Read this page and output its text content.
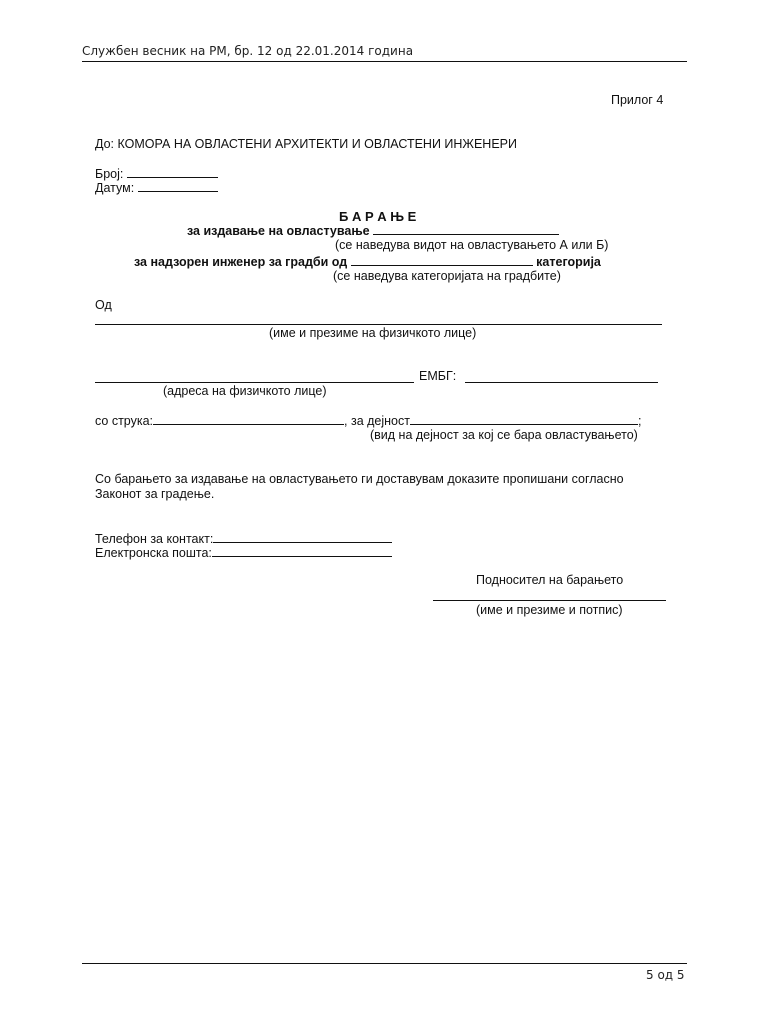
Службен весник на РМ, бр. 12 од 22.01.2014 година
Прилог 4
До: КОМОРА НА ОВЛАСТЕНИ АРХИТЕКТИ И ОВЛАСТЕНИ ИНЖЕНЕРИ
Број:
Датум:
Б А Р А Њ Е
за издавање на овластување
(се наведува видот на овластувањето А или Б)
за надзорен инженер за градби од	категорија
(се наведува категоријата на градбите)
Од
(име и презиме на физичкото лице)
ЕМБГ:
(адреса на физичкото лице)
со струка:	, за дејност	;
(вид на дејност за кој се бара овластувањето)
Со барањето за издавање на овластувањето ги доставувам доказите пропишани согласно
Законот за градење.
Телефон за контакт:
Електронска пошта:
Подносител на барањето
(име и презиме и потпис)
5 од 5
